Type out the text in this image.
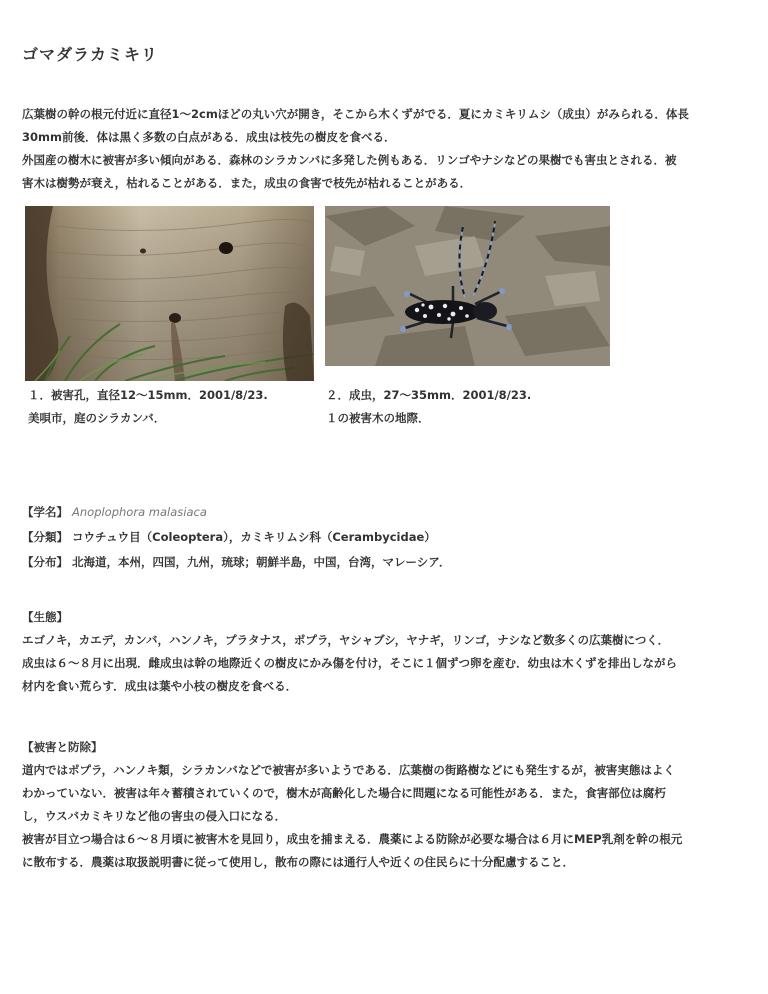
ゴマダラカミキリ
広葉樹の幹の根元付近に直径1〜2cmほどの丸い穴が開き，そこから木くずがでる．夏にカミキリムシ（成虫）がみられる．体長
30mm前後．体は黒く多数の白点がある．成虫は枝先の樹皮を食べる．
外国産の樹木に被害が多い傾向がある．森林のシラカンバに多発した例もある．リンゴやナシなどの果樹でも害虫とされる．被
害木は樹勢が衰え，枯れることがある．また，成虫の食害で枝先が枯れることがある．
１．被害孔，直径12〜15mm．2001/8/23.
美唄市，庭のシラカンバ．
２．成虫，27〜35mm．2001/8/23.
１の被害木の地際．
【学名】 Anoplophora malasiaca
【分類】 コウチュウ目（Coleoptera），カミキリムシ科（Cerambycidae）
【分布】 北海道，本州，四国，九州，琉球；朝鮮半島，中国，台湾，マレーシア．
【生態】
エゴノキ，カエデ，カンバ，ハンノキ，プラタナス，ポプラ，ヤシャブシ，ヤナギ，リンゴ，ナシなど数多くの広葉樹につく．
成虫は６〜８月に出現．雌成虫は幹の地際近くの樹皮にかみ傷を付け，そこに１個ずつ卵を産む．幼虫は木くずを排出しながら
材内を食い荒らす．成虫は葉や小枝の樹皮を食べる．
【被害と防除】
道内ではポプラ，ハンノキ類，シラカンバなどで被害が多いようである．広葉樹の街路樹などにも発生するが，被害実態はよく
わかっていない．被害は年々蓄積されていくので，樹木が高齢化した場合に問題になる可能性がある．また，食害部位は腐朽
し，ウスバカミキリなど他の害虫の侵入口になる．
被害が目立つ場合は６〜８月頃に被害木を見回り，成虫を捕まえる．農薬による防除が必要な場合は６月にMEP乳剤を幹の根元
に散布する．農薬は取扱説明書に従って使用し，散布の際には通行人や近くの住民らに十分配慮すること．
